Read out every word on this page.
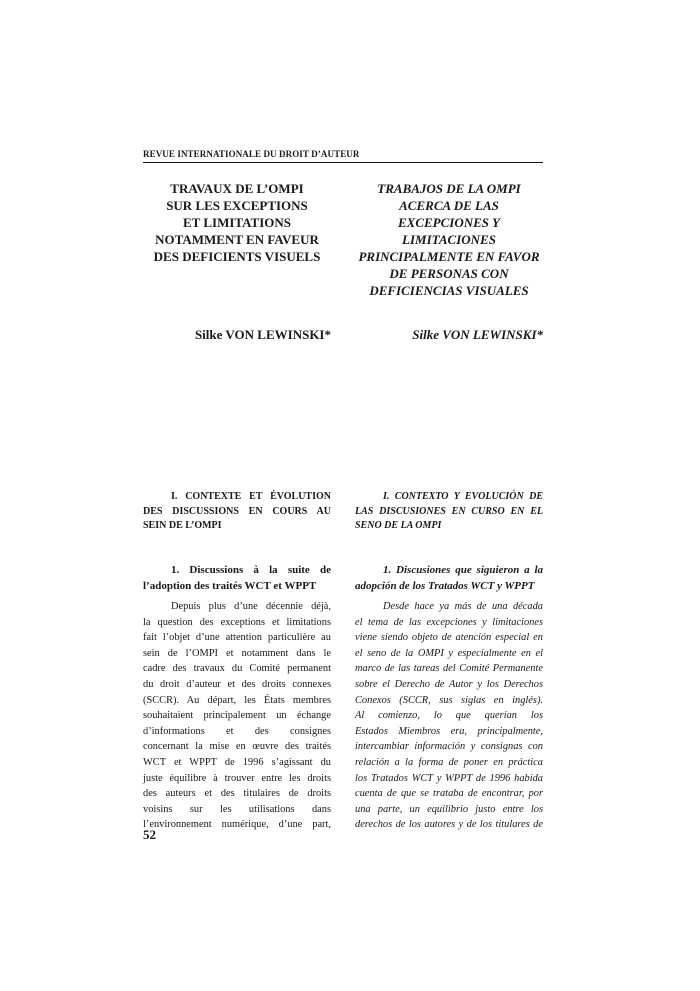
REVUE INTERNATIONALE DU DROIT D’AUTEUR
TRAVAUX DE L’OMPI
SUR LES EXCEPTIONS
ET LIMITATIONS
NOTAMMENT EN FAVEUR
DES DEFICIENTS VISUELS
Silke VON LEWINSKI*
I. CONTEXTE ET ÉVOLUTION
DES DISCUSSIONS EN COURS AU
SEIN DE L’OMPI
1. Discussions à la suite de
l’adoption des traités WCT et WPPT
Depuis plus d’une décennie déjà,
la question des exceptions et limitations
fait l’objet d’une attention particulière au
sein de l’OMPI et notamment dans le
cadre des travaux du Comité permanent
du droit d’auteur et des droits connexes
(SCCR). Au départ, les États membres
souhaitaient principalement un échange
d’informations et des consignes
concernant la mise en œuvre des traités
WCT et WPPT de 1996 s’agissant du
juste équilibre à trouver entre les droits
des auteurs et des titulaires de droits
voisins sur les utilisations dans
l’environnement numérique, d’une part,
TRABAJOS DE LA OMPI
ACERCA DE LAS
EXCEPCIONES Y
LIMITACIONES
PRINCIPALMENTE EN FAVOR
DE PERSONAS CON
DEFICIENCIAS VISUALES
Silke VON LEWINSKI*
I. CONTEXTO Y EVOLUCIÓN DE
LAS DISCUSIONES EN CURSO EN EL
SENO DE LA OMPI
1. Discusiones que siguieron a la
adopción de los Tratados WCT y WPPT
Desde hace ya más de una década
el tema de las excepciones y limitaciones
viene siendo objeto de atención especial en
el seno de la OMPI y especialmente en el
marco de las tareas del Comité Permanente
sobre el Derecho de Autor y los Derechos
Conexos (SCCR, sus siglas en inglés).
Al comienzo, lo que querían los
Estados Miembros era, principalmente,
intercambiar información y consignas con
relación a la forma de poner en práctica
los Tratados WCT y WPPT de 1996 habida
cuenta de que se trataba de encontrar, por
una parte, un equilibrio justo entre los
derechos de los autores y de los titulares de
52
